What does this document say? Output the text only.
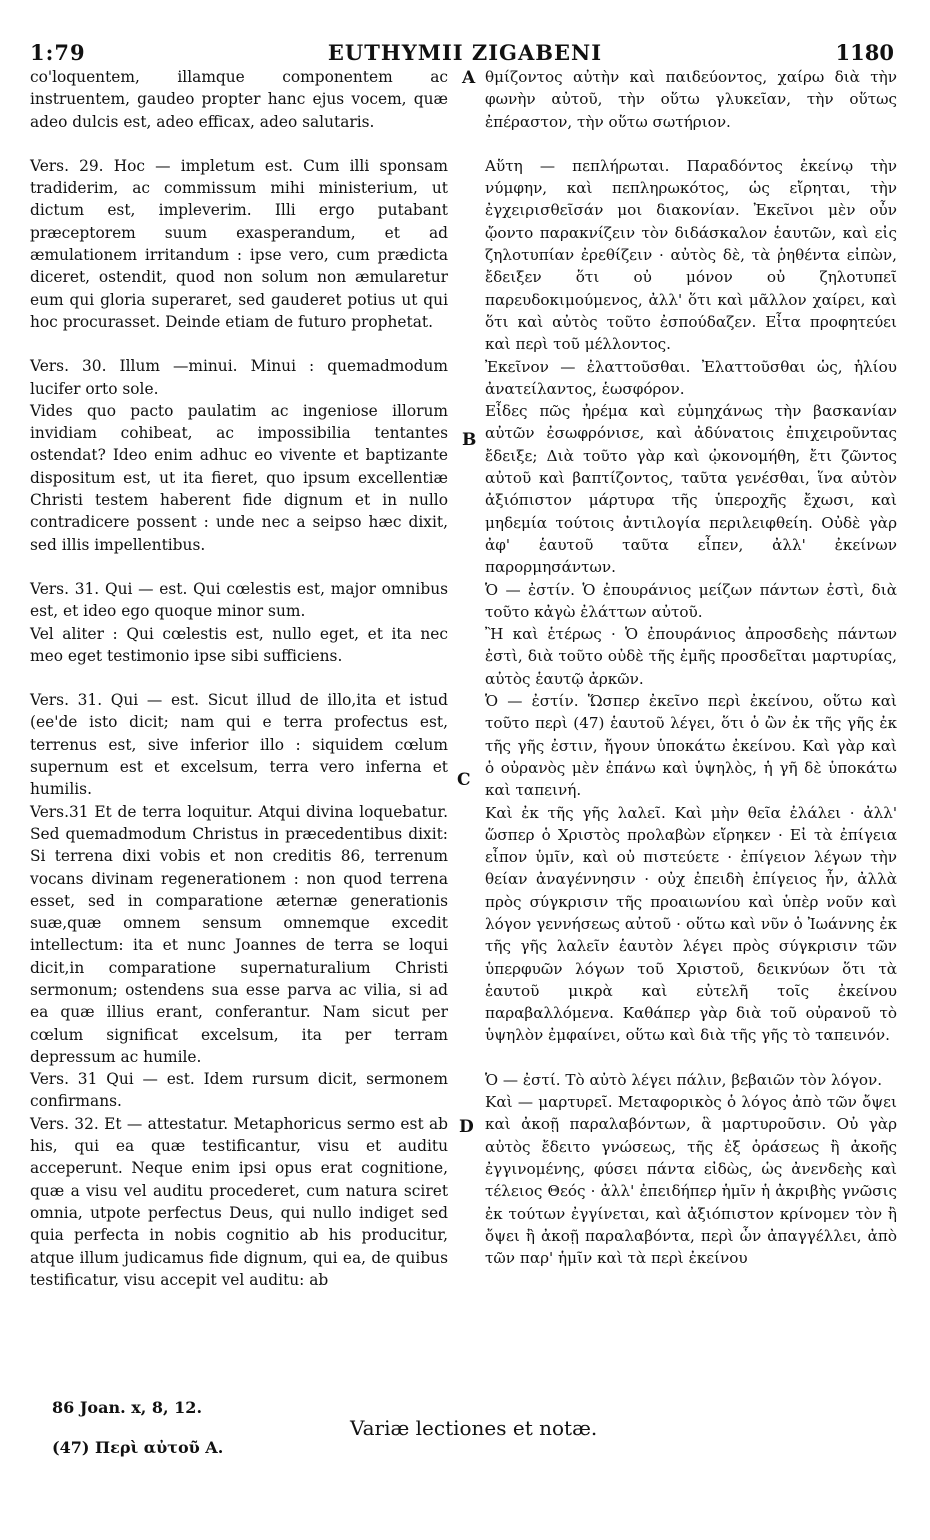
1:79	EUTHYMII ZIGABENI	1180

co'loquentem, illamque componentem ac instruentem, gaudeo propter hanc ejus vocem, quæ adeo dulcis est, adeo efficax, adeo salutaris.

Vers. 29. Hoc — impletum est. Cum illi sponsam tradiderim, ac commissum mihi ministerium, ut dictum est, impleverim. Illi ergo putabant præceptorem suum exasperandum, et ad æmulationem irritandum : ipse vero, cum prædicta diceret, ostendit, quod non solum non æmularetur eum qui gloria superaret, sed gauderet potius ut qui hoc procurasset. Deinde etiam de futuro prophetat.

Vers. 30. Illum —minui. Minui : quemadmodum lucifer orto sole.

Vides quo pacto paulatim ac ingeniose illorum invidiam cohibeat, ac impossibilia tentantes ostendat? Ideo enim adhuc eo vivente et baptizante dispositum est, ut ita fieret, quo ipsum excellentiæ Christi testem haberent fide dignum et in nullo contradicere possent : unde nec a seipso hæc dixit, sed illis impellentibus.

Vers. 31. Qui — est. Qui cœlestis est, major omnibus est, et ideo ego quoque minor sum.

Vel aliter : Qui cœlestis est, nullo eget, et ita nec meo eget testimonio ipse sibi sufficiens.

Vers. 31. Qui — est. Sicut illud de illo,ita et istud (ee'de isto dicit; nam qui e terra profectus est, terrenus est, sive inferior illo : siquidem cœlum supernum est et excelsum, terra vero inferna et humilis.

Vers.31 Et de terra loquitur. Atqui divina loquebatur. Sed quemadmodum Christus in præcedentibus dixit: Si terrena dixi vobis et non creditis 86, terrenum vocans divinam regenerationem : non quod terrena esset, sed in comparatione æternæ generationis suæ,quæ omnem sensum omnemque excedit intellectum: ita et nunc Joannes de terra se loqui dicit,in comparatione supernaturalium Christi sermonum; ostendens sua esse parva ac vilia, si ad ea quæ illius erant, conferantur. Nam sicut per cœlum significat excelsum, ita per terram depressum ac humile.

Vers. 31 Qui — est. Idem rursum dicit, sermonem confirmans.

Vers. 32. Et — attestatur. Metaphoricus sermo est ab his, qui ea quæ testificantur, visu et auditu acceperunt. Neque enim ipsi opus erat cognitione, quæ a visu vel auditu procederet, cum natura sciret omnia, utpote perfectus Deus, qui nullo indiget sed quia perfecta in nobis cognitio ab his producitur, atque illum judicamus fide dignum, qui ea, de quibus testificatur, visu accepit vel auditu: ab

A
B
C
D

θμίζοντος αὐτὴν καὶ παιδεύοντος, χαίρω διὰ τὴν φωνὴν αὐτοῦ, τὴν οὕτω γλυκεῖαν, τὴν οὕτως ἐπέραστον, τὴν οὕτω σωτήριον.

Αὕτη — πεπλήρωται. Παραδόντος ἐκείνῳ τὴν νύμφην, καὶ πεπληρωκότος, ὡς εἴρηται, τὴν ἐγχειρισθεῖσάν μοι διακονίαν. Ἐκεῖνοι μὲν οὖν ᾤοντο παρακνίζειν τὸν διδάσκαλον ἑαυτῶν, καὶ εἰς ζηλοτυπίαν ἐρεθίζειν · αὐτὸς δὲ, τὰ ῥηθέντα εἰπὼν, ἔδειξεν ὅτι οὐ μόνον οὐ ζηλοτυπεῖ παρευδοκιμούμενος, ἀλλ' ὅτι καὶ μᾶλλον χαίρει, καὶ ὅτι καὶ αὐτὸς τοῦτο ἐσπούδαζεν. Εἶτα προφητεύει καὶ περὶ τοῦ μέλλοντος.

Ἐκεῖνον — ἐλαττοῦσθαι. Ἐλαττοῦσθαι ὡς, ἡλίου ἀνατείλαντος, ἑωσφόρον.

Εἶδες πῶς ἠρέμα καὶ εὐμηχάνως τὴν βασκανίαν αὐτῶν ἐσωφρόνισε, καὶ ἀδύνατοις ἐπιχειροῦντας ἔδειξε; Διὰ τοῦτο γὰρ καὶ ᾠκονομήθη, ἔτι ζῶντος αὐτοῦ καὶ βαπτίζοντος, ταῦτα γενέσθαι, ἵνα αὐτὸν ἀξιόπιστον μάρτυρα τῆς ὑπεροχῆς ἔχωσι, καὶ μηδεμία τούτοις ἀντιλογία περιλειφθείη. Οὐδὲ γὰρ ἀφ' ἑαυτοῦ ταῦτα εἶπεν, ἀλλ' ἐκείνων παρορμησάντων.

Ὁ — ἐστίν. Ὁ ἐπουράνιος μείζων πάντων ἐστὶ, διὰ τοῦτο κἀγὼ ἐλάττων αὐτοῦ.

Ἢ καὶ ἑτέρως · Ὁ ἐπουράνιος ἀπροσδεὴς πάντων ἐστὶ, διὰ τοῦτο οὐδὲ τῆς ἐμῆς προσδεῖται μαρτυρίας, αὐτὸς ἑαυτῷ ἀρκῶν.

Ὁ — ἐστίν. Ὥσπερ ἐκεῖνο περὶ ἐκείνου, οὕτω καὶ τοῦτο περὶ (47) ἑαυτοῦ λέγει, ὅτι ὁ ὢν ἐκ τῆς γῆς ἐκ τῆς γῆς ἐστιν, ἤγουν ὑποκάτω ἐκείνου. Καὶ γὰρ καὶ ὁ οὐρανὸς μὲν ἐπάνω καὶ ὑψηλὸς, ἡ γῆ δὲ ὑποκάτω καὶ ταπεινή.

Καὶ ἐκ τῆς γῆς λαλεῖ. Καὶ μὴν θεῖα ἐλάλει · ἀλλ' ὥσπερ ὁ Χριστὸς προλαβὼν εἴρηκεν · Εἰ τὰ ἐπίγεια εἶπον ὑμῖν, καὶ οὐ πιστεύετε · ἐπίγειον λέγων τὴν θείαν ἀναγέννησιν · οὐχ ἐπειδὴ ἐπίγειος ἦν, ἀλλὰ πρὸς σύγκρισιν τῆς προαιωνίου καὶ ὑπὲρ νοῦν καὶ λόγον γεννήσεως αὐτοῦ · οὕτω καὶ νῦν ὁ Ἰωάννης ἐκ τῆς γῆς λαλεῖν ἑαυτὸν λέγει πρὸς σύγκρισιν τῶν ὑπερφυῶν λόγων τοῦ Χριστοῦ, δεικνύων ὅτι τὰ ἑαυτοῦ μικρὰ καὶ εὐτελῆ τοῖς ἐκείνου παραβαλλόμενα. Καθάπερ γὰρ διὰ τοῦ οὐρανοῦ τὸ ὑψηλὸν ἐμφαίνει, οὕτω καὶ διὰ τῆς γῆς τὸ ταπεινόν.

Ὁ — ἐστί. Τὸ αὐτὸ λέγει πάλιν, βεβαιῶν τὸν λόγον.

Καὶ — μαρτυρεῖ. Μεταφορικὸς ὁ λόγος ἀπὸ τῶν ὄψει καὶ ἀκοῇ παραλαβόντων, ἃ μαρτυροῦσιν. Οὐ γὰρ αὐτὸς ἔδειτο γνώσεως, τῆς ἐξ ὁράσεως ἢ ἀκοῆς ἐγγινομένης, φύσει πάντα εἰδὼς, ὡς ἀνενδεὴς καὶ τέλειος Θεός · ἀλλ' ἐπειδήπερ ἡμῖν ἡ ἀκριβὴς γνῶσις ἐκ τούτων ἐγγίνεται, καὶ ἀξιόπιστον κρίνομεν τὸν ἢ ὄψει ἢ ἀκοῇ παραλαβόντα, περὶ ὧν ἀπαγγέλλει, ἀπὸ τῶν παρ' ἡμῖν καὶ τὰ περὶ ἐκείνου

86 Joan. x, 8, 12.
Variæ lectiones et notæ.
(47) Περὶ αὐτοῦ Α.
